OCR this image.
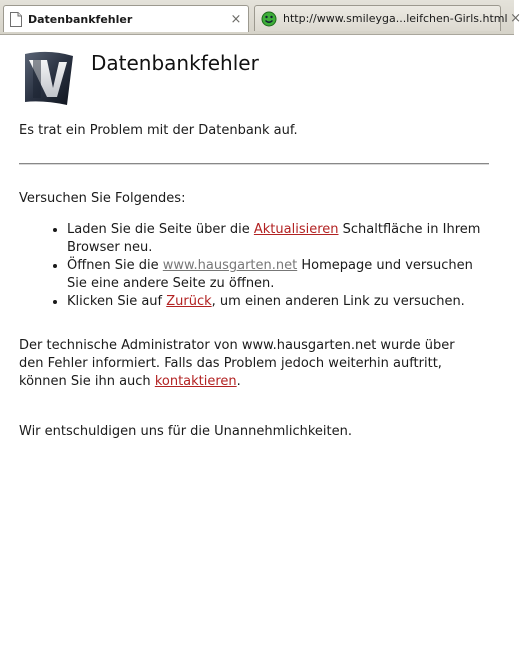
Datenbankfehler	×	http://www.smileyga...leifchen-Girls.html ×
Datenbankfehler

Es trat ein Problem mit der Datenbank auf.

Versuchen Sie Folgendes:

• Laden Sie die Seite über die Aktualisieren Schaltfläche in Ihrem Browser neu.
• Öffnen Sie die www.hausgarten.net Homepage und versuchen Sie eine andere Seite zu öffnen.
• Klicken Sie auf Zurück, um einen anderen Link zu versuchen.

Der technische Administrator von www.hausgarten.net wurde über den Fehler informiert. Falls das Problem jedoch weiterhin auftritt, können Sie ihn auch kontaktieren.

Wir entschuldigen uns für die Unannehmlichkeiten.
